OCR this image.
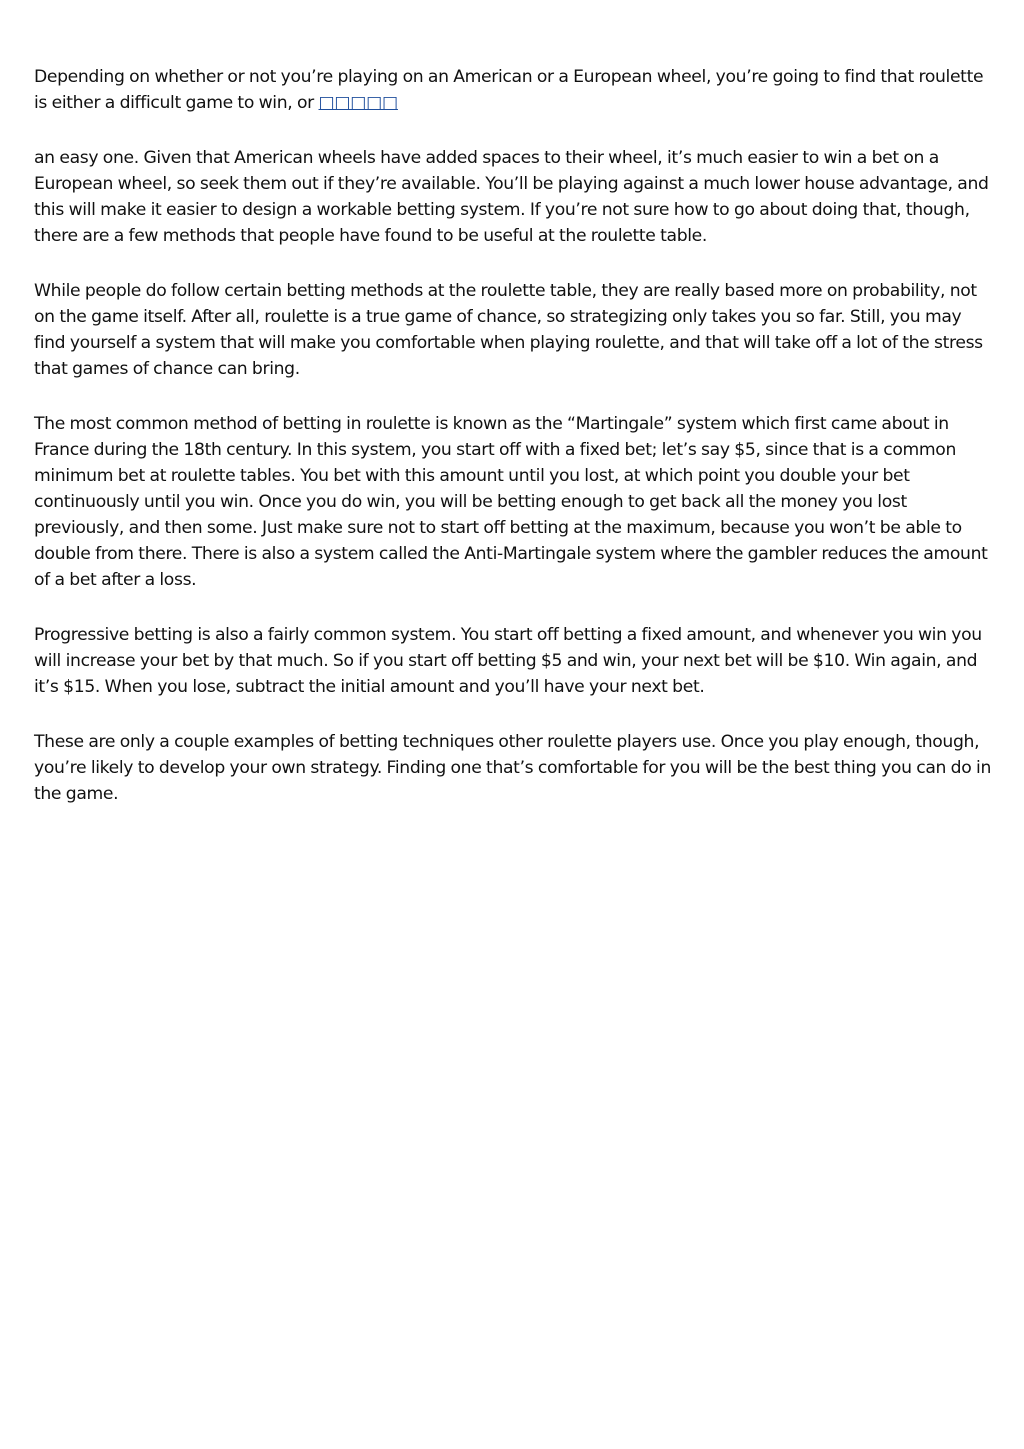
Depending on whether or not you’re playing on an American or a European wheel, you’re going to find that roulette is either a difficult game to win, or □□□□□

an easy one. Given that American wheels have added spaces to their wheel, it’s much easier to win a bet on a European wheel, so seek them out if they’re available. You’ll be playing against a much lower house advantage, and this will make it easier to design a workable betting system. If you’re not sure how to go about doing that, though, there are a few methods that people have found to be useful at the roulette table.

While people do follow certain betting methods at the roulette table, they are really based more on probability, not on the game itself. After all, roulette is a true game of chance, so strategizing only takes you so far. Still, you may find yourself a system that will make you comfortable when playing roulette, and that will take off a lot of the stress that games of chance can bring.

The most common method of betting in roulette is known as the “Martingale” system which first came about in France during the 18th century. In this system, you start off with a fixed bet; let’s say $5, since that is a common minimum bet at roulette tables. You bet with this amount until you lost, at which point you double your bet continuously until you win. Once you do win, you will be betting enough to get back all the money you lost previously, and then some. Just make sure not to start off betting at the maximum, because you won’t be able to double from there. There is also a system called the Anti-Martingale system where the gambler reduces the amount of a bet after a loss.

Progressive betting is also a fairly common system. You start off betting a fixed amount, and whenever you win you will increase your bet by that much. So if you start off betting $5 and win, your next bet will be $10. Win again, and it’s $15. When you lose, subtract the initial amount and you’ll have your next bet.

These are only a couple examples of betting techniques other roulette players use. Once you play enough, though, you’re likely to develop your own strategy. Finding one that’s comfortable for you will be the best thing you can do in the game.
